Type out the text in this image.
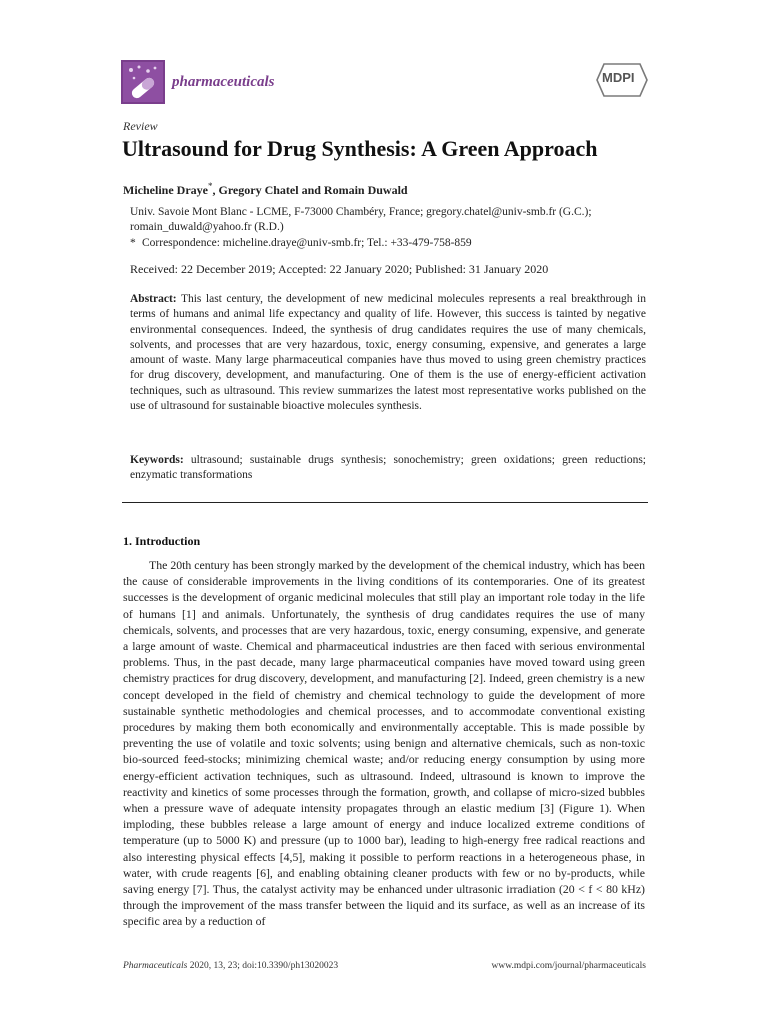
pharmaceuticals	MDPI
Review
Ultrasound for Drug Synthesis: A Green Approach
Micheline Draye*, Gregory Chatel and Romain Duwald
Univ. Savoie Mont Blanc - LCME, F-73000 Chambéry, France; gregory.chatel@univ-smb.fr (G.C.);
romain_duwald@yahoo.fr (R.D.)
* Correspondence: micheline.draye@univ-smb.fr; Tel.: +33-479-758-859
Received: 22 December 2019; Accepted: 22 January 2020; Published: 31 January 2020

Abstract: This last century, the development of new medicinal molecules represents a real breakthrough in terms of humans and animal life expectancy and quality of life. However, this success is tainted by negative environmental consequences. Indeed, the synthesis of drug candidates requires the use of many chemicals, solvents, and processes that are very hazardous, toxic, energy consuming, expensive, and generates a large amount of waste. Many large pharmaceutical companies have thus moved to using green chemistry practices for drug discovery, development, and manufacturing. One of them is the use of energy-efficient activation techniques, such as ultrasound. This review summarizes the latest most representative works published on the use of ultrasound for sustainable bioactive molecules synthesis.

Keywords: ultrasound; sustainable drugs synthesis; sonochemistry; green oxidations; green reductions; enzymatic transformations

1. Introduction

The 20th century has been strongly marked by the development of the chemical industry, which has been the cause of considerable improvements in the living conditions of its contemporaries. One of its greatest successes is the development of organic medicinal molecules that still play an important role today in the life of humans [1] and animals. Unfortunately, the synthesis of drug candidates requires the use of many chemicals, solvents, and processes that are very hazardous, toxic, energy consuming, expensive, and generate a large amount of waste. Chemical and pharmaceutical industries are then faced with serious environmental problems. Thus, in the past decade, many large pharmaceutical companies have moved toward using green chemistry practices for drug discovery, development, and manufacturing [2]. Indeed, green chemistry is a new concept developed in the field of chemistry and chemical technology to guide the development of more sustainable synthetic methodologies and chemical processes, and to accommodate conventional existing procedures by making them both economically and environmentally acceptable. This is made possible by preventing the use of volatile and toxic solvents; using benign and alternative chemicals, such as non-toxic bio-sourced feed-stocks; minimizing chemical waste; and/or reducing energy consumption by using more energy-efficient activation techniques, such as ultrasound. Indeed, ultrasound is known to improve the reactivity and kinetics of some processes through the formation, growth, and collapse of micro-sized bubbles when a pressure wave of adequate intensity propagates through an elastic medium [3] (Figure 1). When imploding, these bubbles release a large amount of energy and induce localized extreme conditions of temperature (up to 5000 K) and pressure (up to 1000 bar), leading to high-energy free radical reactions and also interesting physical effects [4,5], making it possible to perform reactions in a heterogeneous phase, in water, with crude reagents [6], and enabling obtaining cleaner products with few or no by-products, while saving energy [7]. Thus, the catalyst activity may be enhanced under ultrasonic irradiation (20 < f < 80 kHz) through the improvement of the mass transfer between the liquid and its surface, as well as an increase of its specific area by a reduction of

Pharmaceuticals 2020, 13, 23; doi:10.3390/ph13020023	www.mdpi.com/journal/pharmaceuticals
